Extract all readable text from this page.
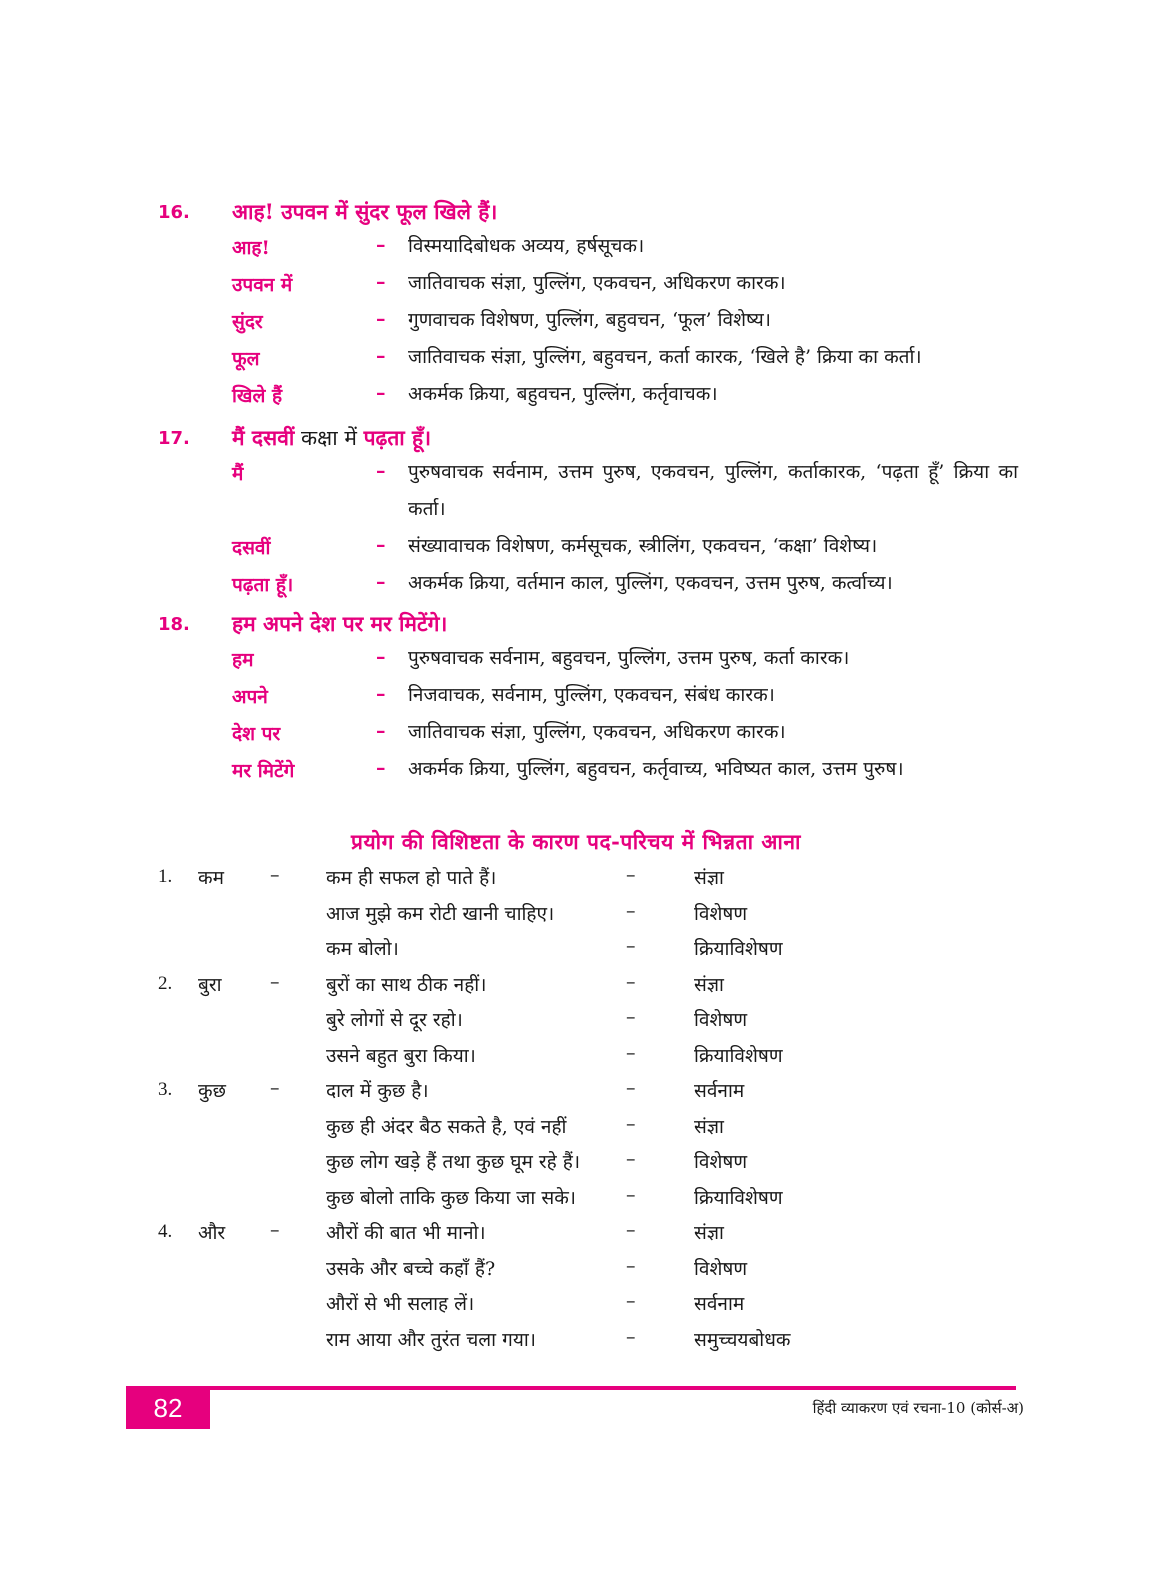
16. आह! उपवन में सुंदर फूल खिले हैं।
आह!	– विस्मयादिबोधक अव्यय, हर्षसूचक।
उपवन में	– जातिवाचक संज्ञा, पुल्लिंग, एकवचन, अधिकरण कारक।
सुंदर	– गुणवाचक विशेषण, पुल्लिंग, बहुवचन, ‘फूल’ विशेष्य।
फूल	– जातिवाचक संज्ञा, पुल्लिंग, बहुवचन, कर्ता कारक, ‘खिले है’ क्रिया का कर्ता।
खिले हैं	– अकर्मक क्रिया, बहुवचन, पुल्लिंग, कर्तृवाचक।
17. मैं दसवीं कक्षा में पढ़ता हूँ।
मैं	– पुरुषवाचक सर्वनाम, उत्तम पुरुष, एकवचन, पुल्लिंग, कर्ताकारक, ‘पढ़ता हूँ’ क्रिया का कर्ता।
दसवीं	– संख्यावाचक विशेषण, कर्मसूचक, स्त्रीलिंग, एकवचन, ‘कक्षा’ विशेष्य।
पढ़ता हूँ।	– अकर्मक क्रिया, वर्तमान काल, पुल्लिंग, एकवचन, उत्तम पुरुष, कर्त्वाच्य।
18. हम अपने देश पर मर मिटेंगे।
हम	– पुरुषवाचक सर्वनाम, बहुवचन, पुल्लिंग, उत्तम पुरुष, कर्ता कारक।
अपने	– निजवाचक, सर्वनाम, पुल्लिंग, एकवचन, संबंध कारक।
देश पर	– जातिवाचक संज्ञा, पुल्लिंग, एकवचन, अधिकरण कारक।
मर मिटेंगे	– अकर्मक क्रिया, पुल्लिंग, बहुवचन, कर्तृवाच्य, भविष्यत काल, उत्तम पुरुष।
प्रयोग की विशिष्टता के कारण पद-परिचय में भिन्नता आना
1. कम – कम ही सफल हो पाते हैं।	–	संज्ञा
आज मुझे कम रोटी खानी चाहिए।	–	विशेषण
कम बोलो।	–	क्रियाविशेषण
2. बुरा	– बुरों का साथ ठीक नहीं।	–	संज्ञा
बुरे लोगों से दूर रहो।	–	विशेषण
उसने बहुत बुरा किया।	–	क्रियाविशेषण
3. कुछ – दाल में कुछ है।	–	सर्वनाम
कुछ ही अंदर बैठ सकते है, एवं नहीं	–	संज्ञा
कुछ लोग खड़े हैं तथा कुछ घूम रहे हैं। –	विशेषण
कुछ बोलो ताकि कुछ किया जा सके।	–	क्रियाविशेषण
4. और – औरों की बात भी मानो।	–	संज्ञा
उसके और बच्चे कहाँ हैं?	–	विशेषण
औरों से भी सलाह लें।	–	सर्वनाम
राम आया और तुरंत चला गया।	–	समुच्चयबोधक
82	हिंदी व्याकरण एवं रचना-10 (कोर्स-अ)
